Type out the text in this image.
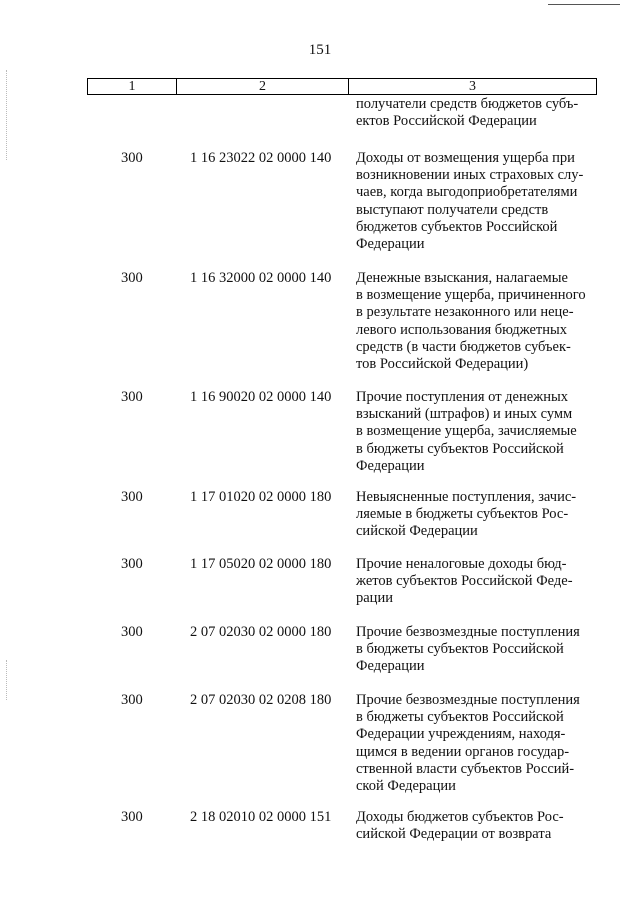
151
1	2	3
получатели средств бюджетов субъ-
ектов Российской Федерации
300	1 16 23022 02 0000 140	Доходы от возмещения ущерба при
возникновении иных страховых слу-
чаев, когда выгодоприобретателями
выступают получатели средств
бюджетов субъектов Российской
Федерации
300	1 16 32000 02 0000 140	Денежные взыскания, налагаемые
в возмещение ущерба, причиненного
в результате незаконного или неце-
левого использования бюджетных
средств (в части бюджетов субъек-
тов Российской Федерации)
300	1 16 90020 02 0000 140	Прочие поступления от денежных
взысканий (штрафов) и иных сумм
в возмещение ущерба, зачисляемые
в бюджеты субъектов Российской
Федерации
300	1 17 01020 02 0000 180	Невыясненные поступления, зачис-
ляемые в бюджеты субъектов Рос-
сийской Федерации
300	1 17 05020 02 0000 180	Прочие неналоговые доходы бюд-
жетов субъектов Российской Феде-
рации
300	2 07 02030 02 0000 180	Прочие безвозмездные поступления
в бюджеты субъектов Российской
Федерации
300	2 07 02030 02 0208 180	Прочие безвозмездные поступления
в бюджеты субъектов Российской
Федерации учреждениям, находя-
щимся в ведении органов государ-
ственной власти субъектов Россий-
ской Федерации
300	2 18 02010 02 0000 151	Доходы бюджетов субъектов Рос-
сийской Федерации от возврата
